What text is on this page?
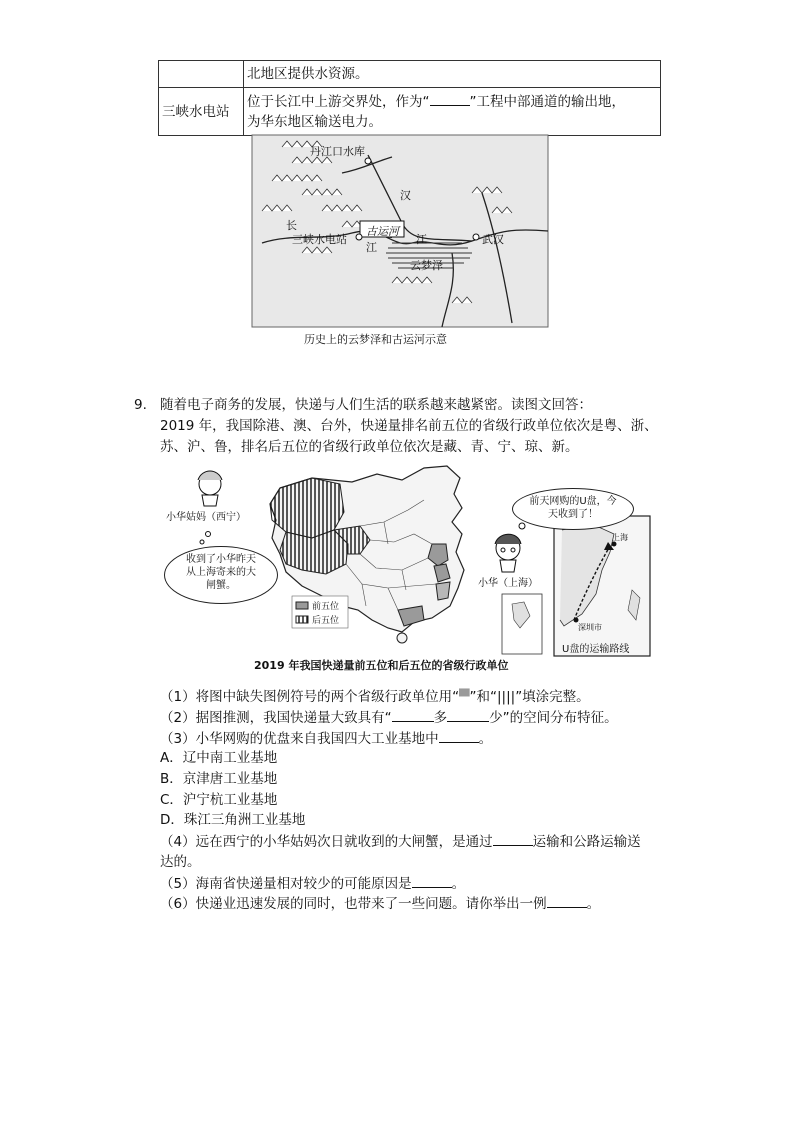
	北地区提供水资源。
三峡水电站	位于长江中上游交界处，作为“ ”工程中部通道的输出地，
为华东地区输送电力。
丹江口水库
汉
长
三峡水电站
江
江
古运河
云梦泽
武汉
历史上的云梦泽和古运河示意
9. 随着电子商务的发展，快递与人们生活的联系越来越紧密。读图文回答：
2019 年，我国除港、澳、台外，快递量排名前五位的省级行政单位依次是粤、浙、
苏、沪、鲁，排名后五位的省级行政单位依次是藏、青、宁、琼、新。
小华姑妈（西宁）
收到了小华昨天
从上海寄来的大
闸蟹。
前天网购的U盘，今
天收到了！
小华（上海）
前五位
后五位
上海
深圳市
U盘的运输路线
2019 年我国快递量前五位和后五位的省级行政单位
（1）将图中缺失图例符号的两个省级行政单位用“▀”和“||||”填涂完整。
（2）据图推测，我国快递量大致具有“	多	少”的空间分布特征。
（3）小华网购的优盘来自我国四大工业基地中	。
A．辽中南工业基地
B．京津唐工业基地
C．沪宁杭工业基地
D．珠江三角洲工业基地
（4）远在西宁的小华姑妈次日就收到的大闸蟹，是通过	运输和公路运输送
达的。
（5）海南省快递量相对较少的可能原因是	。
（6）快递业迅速发展的同时，也带来了一些问题。请你举出一例	。
